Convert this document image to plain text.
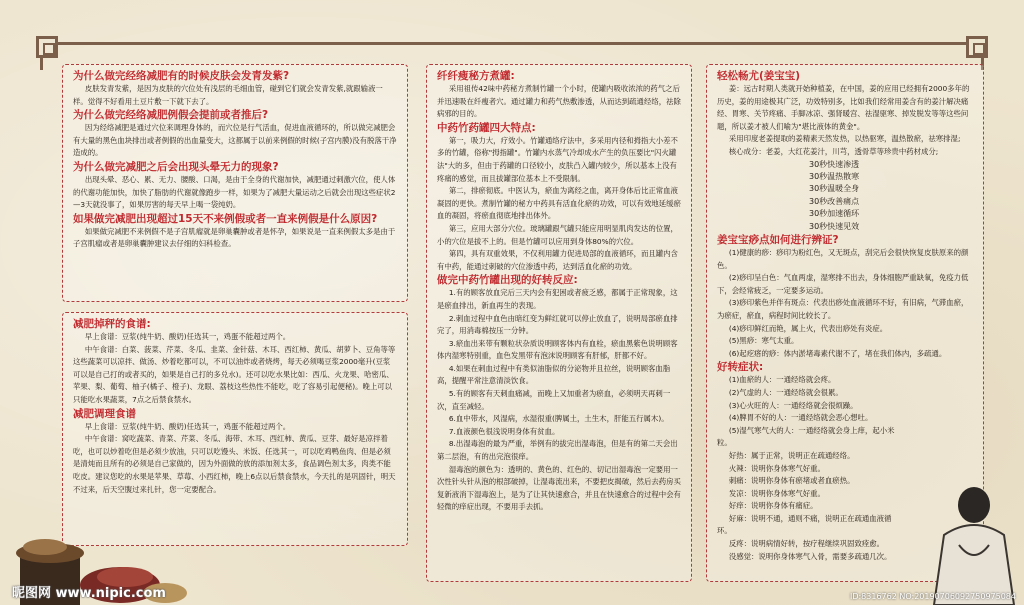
为什么做完经络减肥有的时候皮肤会发青发紫?

皮肤发青发紫，是因为皮肤的穴位处有浅层的毛细血管，碰到它们就会发青发紫,就跟输液一样。觉得不好看用土豆片敷一下就下去了。

为什么做完经络减肥例假会提前或者推后?

因为经络减肥是通过穴位来调理身体的，而穴位是行气活血，促进血液循环的，所以做完减肥会有大量的黑色血块排出或者例假的出血量变大，这都属于以前来例假的时候(子宫内膜)没有脱落干净造成的。

为什么做完减肥之后会出现头晕无力的现象?

出现头晕、恶心、累、无力、腰酸、口渴，是由于全身的代谢加快，减肥通过刺激穴位，使人体的代谢功能加快，加快了脂肪的代谢就像跑步一样，如果为了减肥大量运动之后就会出现这些症状2—3天就没事了，如果厉害的每天早上喝一袋纯奶。

如果做完减肥出现超过15天不来例假或者一直来例假是什么原因?

如果做完减肥不来例假不是子宫肌瘤就是卵巢囊肿或者是怀孕，如果说是一直来例假太多是由于子宫肌瘤或者是卵巢囊肿建议去仔细的妇科检查。

减肥掉秤的食谱:

早上食谱：豆浆(纯牛奶、酸奶)任选其一，鸡蛋不能超过两个。

中午食谱：白菜、菠菜、芹菜、冬瓜、韭菜、金针菇、木耳、西红柿、黄瓜、胡萝卜、豆角等等这些蔬菜可以凉拌、做汤、炒着吃都可以，不可以油炸或者烧烤，每天必须喝豆浆2000毫升(豆浆可以是自己打的或者买的，如果是自己打的多兑水)。还可以吃水果比如：西瓜、火龙果、哈密瓜、苹果、梨、葡萄、柚子(橘子、橙子)、龙眼、荔枝这些热性不能吃，吃了容易引起便秘)。晚上可以只能吃水果蔬菜，7点之后禁食禁水。

减肥调理食谱

早上食谱：豆浆(纯牛奶、酸奶)任选其一，鸡蛋不能超过两个。

中午食谱：窝吃蔬菜、青菜、芹菜、冬瓜、海带、木耳、西红柿、黄瓜、豆芽、最好是凉拌着吃，也可以炒着吃但是必须少放油，只可以吃馒头、米饭、任选其一，可以吃鸡鸭鱼肉、但是必须是清炖而且所有的必须是自己家做的，因为外面做的放的添加剂太多，食品调色剂太多，肉类不能吃皮。建议您吃的水果是苹果、草莓、小西红柿，晚上6点以后禁食禁水，今天扎的是巩固针，明天不过来，后天空腹过来扎针，您一定要配合。

纤纤瘦秘方煮罐:

采用祖传42味中药秘方煮制竹罐一个小时，使罐内吸收浓浓的药气之后并迅速吸在纤瘦者穴。通过罐力和药气热敷渗透，从而达到疏通经络，祛除病邪的目的。

中药竹药罐四大特点:

第一，吸力大，疗效小。竹罐通络疗法中，多采用内径和拇指大小差不多的竹罐，俗称"拇指罐"。竹罐内水蒸气冷却成水产生的负压要比"闪火罐法"大的多，但由于药罐的口径较小，皮肤凸入罐内较少，所以基本上没有疼痛的感觉，而且拔罐部位基本上不受限制。

第二，排瘀彻底。中医认为，瘀血为离经之血，离开身体后比正常血液凝固的更快。煮制竹罐的秘方中药具有活血化瘀的功效，可以有效地延缓瘀血的凝固，将瘀血彻底地排出体外。

第三，应用大部分穴位。玻璃罐跟气罐只能应用明显肌肉发达的位置，小的穴位是拔不上的。但是竹罐可以应用到身体80%的穴位。

第四，具有双重效果，不仅利用罐力促进局部的血液循环，而且罐内含有中药，能通过刺破的穴位渗透中药，达到活血化瘀的功效。

做完中药竹罐出现的好转反应:

1.有的顾客放血完后三天内会有犯困或者疲乏感，都属于正常现象，这是瘀血排出，新血再生的表现。

2.刺血过程中血色由暗红变为鲜红就可以停止放血了，说明局部瘀血排完了，用消毒棉按压一分钟。

3.瘀血出来带有颗粒状杂质说明顾客体内有血栓，瘀血黑紫色说明顾客体内湿寒特别重，血色发黑带有泡沫说明顾客有肝郁，肝都不好。

4.如果在刺血过程中有类似油脂似的分泌物并且拉丝，说明顾客血脂高，提醒平常注意清淡饮食。

5.有的顾客有天刺血痛减，而晚上又加重者为瘀血，必须明天再刺一次，直至减轻。

6.血中带水，风湿病，水湿很重(脾属土，土生木，肝能五行属木)。

7.血液颜色很浅说明身体有贫血。

8.出湿毒泡的最为严重，举例有的拔完出湿毒泡，但是有的第二天会出第二层泡，有的出完泡很痒。

湿毒泡的颜色为：透明的、黄色的、红色的、切记出湿毒泡一定要用一次性针头针从泡的根部破掉，让湿毒流出来，不要把皮揭破，然后去药房买复新液消下湿毒泡上，是为了让其快速愈合，并且在快速愈合的过程中会有轻微的痒症出现，不要用手去抓。

轻松畅尤(姜宝宝)

姜：远古时期人类就开始种植姜，在中国，姜的应用已经拥有2000多年的历史，姜的用途极其广泛，功效特别多，比如我们经常用姜含有的姜汁解决痛经、胃寒、关节疼痛、手脚冰凉、强肾暖宫、祛湿驱寒、掉发脱发等等这些问题，所以姜才被人们喻为"堪比液体的黄金"。

采用印度老姜提取的姜精素天然发热，以热驱寒，温热散瘀，祛寒排湿;

核心成分：老姜，大红花姜汁，川芎，透骨草等珍贵中药材成分;

30秒快速渗透
30秒温热散寒
30秒温暖全身
30秒改善痛点
30秒加速循环
30秒快速见效

姜宝宝痧点如何进行辨证?

(1)健康的痧：痧印为粉红色，又无斑点，刮完后会很快恢复皮肤原来的颜色。

(2)痧印呈白色：气血两虚，湿寒排不出去，身体细胞严重缺氧，免疫力低下，会经常疲乏，一定要多运动。

(3)痧印紫色并伴有斑点：代表出痧处血液循环不好，有旧病，气滞血瘀，为瘀症，瘀血，病程时间比较长了。

(4)痧印鲜红而艳，属上火，代表出痧处有炎症。

(5)黑痧：寒气太重。

(6)起疙瘩的痧：体内淤堵毒素代谢不了，堵在我们体内，多疏通。

好转症状:

(1)血瘀的人：一通经络就会疼。

(2)气虚的人：一通经络就会很累。

(3)心火旺的人：一通经络就会很烦躁。

(4)脾胃不好的人：一通经络就会恶心想吐。

(5)湿气寒气大的人：一通经络就会身上痒，起小米粒。

好热：属于正常，说明正在疏通经络。

火辣：说明你身体寒气好重。

刺痛：说明你身体有瘀堵或者血瘀热。

发凉：说明你身体寒气好重。

好痒：说明你身体有痛症。

好麻：说明不通，通则不痛，说明正在疏通血液循环。

反疼：说明病情好转，按疗程继续巩固致痊愈。

没感觉：说明你身体寒气入骨，需要多疏通几次。

昵图网 www.nipic.com	ID:8316762 NO:20190706092750975084
